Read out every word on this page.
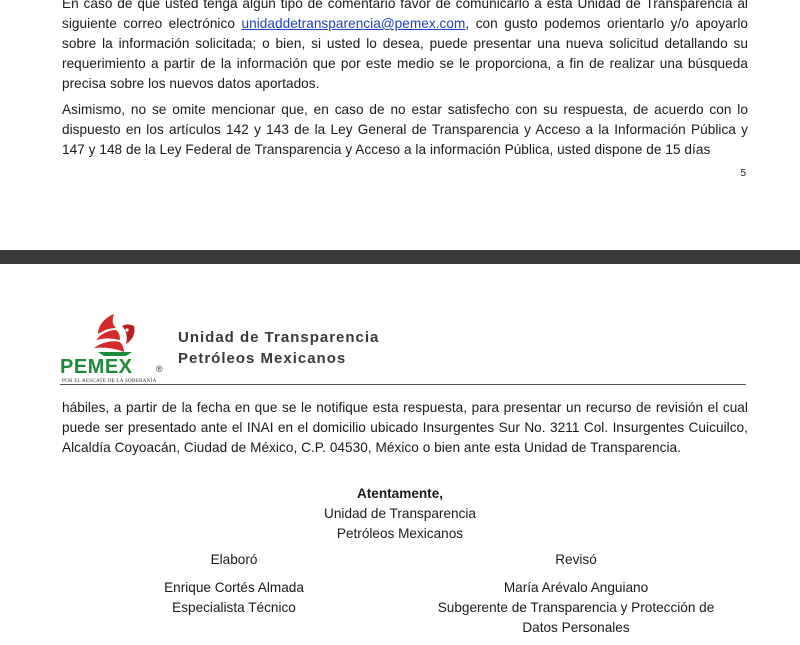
En caso de que usted tenga algún tipo de comentario favor de comunicarlo a esta Unidad de Transparencia al siguiente correo electrónico unidaddetransparencia@pemex.com, con gusto podemos orientarlo y/o apoyarlo sobre la información solicitada; o bien, si usted lo desea, puede presentar una nueva solicitud detallando su requerimiento a partir de la información que por este medio se le proporciona, a fin de realizar una búsqueda precisa sobre los nuevos datos aportados.

Asimismo, no se omite mencionar que, en caso de no estar satisfecho con su respuesta, de acuerdo con lo dispuesto en los artículos 142 y 143 de la Ley General de Transparencia y Acceso a la Información Pública y 147 y 148 de la Ley Federal de Transparencia y Acceso a la información Pública, usted dispone de 15 días

5
PEMEX	®
POR EL RESCATE DE LA SOBERANÍA
Unidad de Transparencia
Petróleos Mexicanos

hábiles, a partir de la fecha en que se le notifique esta respuesta, para presentar un recurso de revisión el cual puede ser presentado ante el INAI en el domicilio ubicado Insurgentes Sur No. 3211 Col. Insurgentes Cuicuilco, Alcaldía Coyoacán, Ciudad de México, C.P. 04530, México o bien ante esta Unidad de Transparencia.

Atentamente,
Unidad de Transparencia
Petróleos Mexicanos
Elaboró
Enrique Cortés Almada
Especialista Técnico
Revisó
María Arévalo Anguiano
Subgerente de Transparencia y Protección de
Datos Personales
